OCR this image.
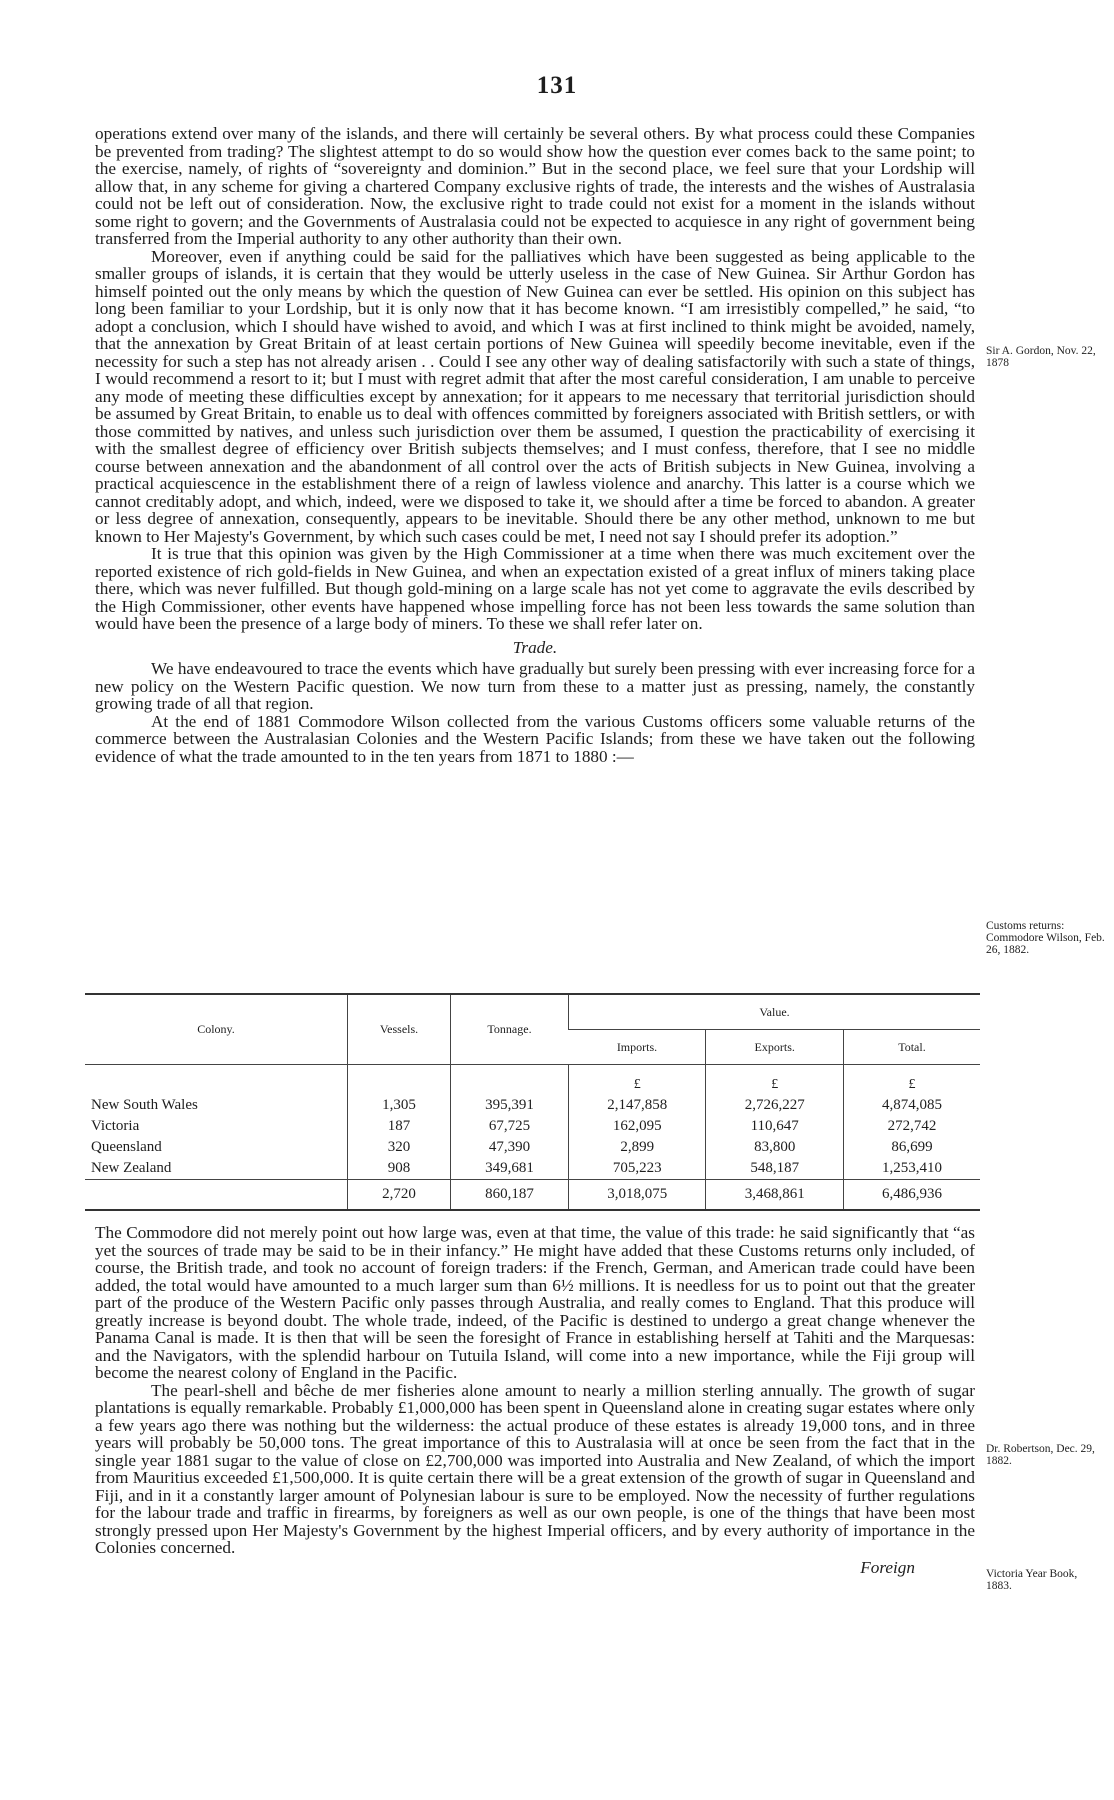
131

operations extend over many of the islands, and there will certainly be several others. By what process could these Companies be prevented from trading? The slightest attempt to do so would show how the question ever comes back to the same point; to the exercise, namely, of rights of “sovereignty and dominion.” But in the second place, we feel sure that your Lordship will allow that, in any scheme for giving a chartered Company exclusive rights of trade, the interests and the wishes of Australasia could not be left out of consideration. Now, the exclusive right to trade could not exist for a moment in the islands without some right to govern; and the Governments of Australasia could not be expected to acquiesce in any right of government being transferred from the Imperial authority to any other authority than their own.

Moreover, even if anything could be said for the palliatives which have been suggested as being applicable to the smaller groups of islands, it is certain that they would be utterly useless in the case of New Guinea. Sir Arthur Gordon has himself pointed out the only means by which the question of New Guinea can ever be settled. His opinion on this subject has long been familiar to your Lordship, but it is only now that it has become known. “I am irresistibly compelled,” he said, “to adopt a conclusion, which I should have wished to avoid, and which I was at first inclined to think might be avoided, namely, that the annexation by Great Britain of at least certain portions of New Guinea will speedily become inevitable, even if the necessity for such a step has not already arisen . . Could I see any other way of dealing satisfactorily with such a state of things, I would recommend a resort to it; but I must with regret admit that after the most careful consideration, I am unable to perceive any mode of meeting these difficulties except by annexation; for it appears to me necessary that territorial jurisdiction should be assumed by Great Britain, to enable us to deal with offences committed by foreigners associated with British settlers, or with those committed by natives, and unless such jurisdiction over them be assumed, I question the practicability of exercising it with the smallest degree of efficiency over British subjects themselves; and I must confess, therefore, that I see no middle course between annexation and the abandonment of all control over the acts of British subjects in New Guinea, involving a practical acquiescence in the establishment there of a reign of lawless violence and anarchy. This latter is a course which we cannot creditably adopt, and which, indeed, were we disposed to take it, we should after a time be forced to abandon. A greater or less degree of annexation, consequently, appears to be inevitable. Should there be any other method, unknown to me but known to Her Majesty's Government, by which such cases could be met, I need not say I should prefer its adoption.”

It is true that this opinion was given by the High Commissioner at a time when there was much excitement over the reported existence of rich gold-fields in New Guinea, and when an expectation existed of a great influx of miners taking place there, which was never fulfilled. But though gold-mining on a large scale has not yet come to aggravate the evils described by the High Commissioner, other events have happened whose impelling force has not been less towards the same solution than would have been the presence of a large body of miners. To these we shall refer later on.

Trade.

We have endeavoured to trace the events which have gradually but surely been pressing with ever increasing force for a new policy on the Western Pacific question. We now turn from these to a matter just as pressing, namely, the constantly growing trade of all that region.

At the end of 1881 Commodore Wilson collected from the various Customs officers some valuable returns of the commerce between the Australasian Colonies and the Western Pacific Islands; from these we have taken out the following evidence of what the trade amounted to in the ten years from 1871 to 1880 :—

Sir A. Gordon, Nov. 22, 1878
Customs returns: Commodore Wilson, Feb. 26, 1882.
Colony.	Vessels.	Tonnage.	Value.		
			Imports.	Exports.	Total.
			£	£	£
New South Wales	1,305	395,391	2,147,858	2,726,227	4,874,085
Victoria	187	67,725	162,095	110,647	272,742
Queensland	320	47,390	2,899	83,800	86,699
New Zealand	908	349,681	705,223	548,187	1,253,410
	2,720	860,187	3,018,075	3,468,861	6,486,936

The Commodore did not merely point out how large was, even at that time, the value of this trade: he said significantly that “as yet the sources of trade may be said to be in their infancy.” He might have added that these Customs returns only included, of course, the British trade, and took no account of foreign traders: if the French, German, and American trade could have been added, the total would have amounted to a much larger sum than 6½ millions. It is needless for us to point out that the greater part of the produce of the Western Pacific only passes through Australia, and really comes to England. That this produce will greatly increase is beyond doubt. The whole trade, indeed, of the Pacific is destined to undergo a great change whenever the Panama Canal is made. It is then that will be seen the foresight of France in establishing herself at Tahiti and the Marquesas: and the Navigators, with the splendid harbour on Tutuila Island, will come into a new importance, while the Fiji group will become the nearest colony of England in the Pacific.

The pearl-shell and bêche de mer fisheries alone amount to nearly a million sterling annually. The growth of sugar plantations is equally remarkable. Probably £1,000,000 has been spent in Queensland alone in creating sugar estates where only a few years ago there was nothing but the wilderness: the actual produce of these estates is already 19,000 tons, and in three years will probably be 50,000 tons. The great importance of this to Australasia will at once be seen from the fact that in the single year 1881 sugar to the value of close on £2,700,000 was imported into Australia and New Zealand, of which the import from Mauritius exceeded £1,500,000. It is quite certain there will be a great extension of the growth of sugar in Queensland and Fiji, and in it a constantly larger amount of Polynesian labour is sure to be employed. Now the necessity of further regulations for the labour trade and traffic in firearms, by foreigners as well as our own people, is one of the things that have been most strongly pressed upon Her Majesty's Government by the highest Imperial officers, and by every authority of importance in the Colonies concerned.

Foreign

Dr. Robertson, Dec. 29, 1882.
Victoria Year Book, 1883.
